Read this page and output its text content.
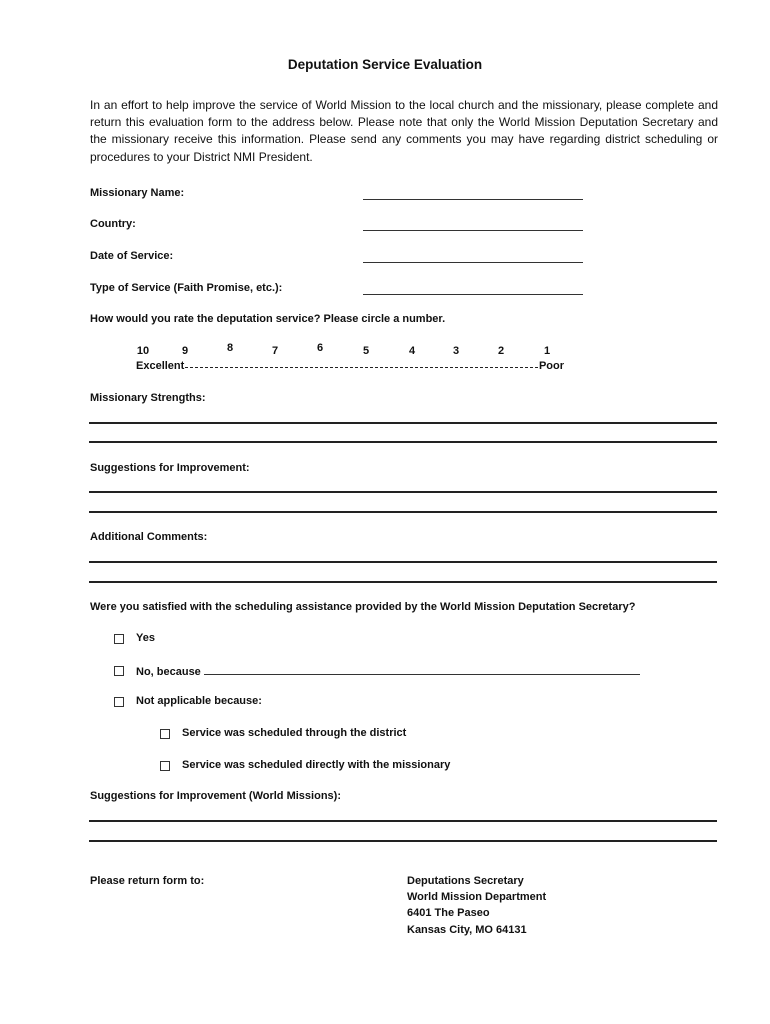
Deputation Service Evaluation
In an effort to help improve the service of World Mission to the local church and the missionary, please complete and return this evaluation form to the address below. Please note that only the World Mission Deputation Secretary and the missionary receive this information. Please send any comments you may have regarding district scheduling or procedures to your District NMI President.
Missionary Name:
Country:
Date of Service:
Type of Service (Faith Promise, etc.):
How would you rate the deputation service? Please circle a number.
10	9	8	7	6	5	4	3	2	1
Excellent	Poor
Missionary Strengths:
Suggestions for Improvement:
Additional Comments:
Were you satisfied with the scheduling assistance provided by the World Mission Deputation Secretary?
Yes
No, because
Not applicable because:
Service was scheduled through the district
Service was scheduled directly with the missionary
Suggestions for Improvement (World Missions):
Please return form to:	Deputations Secretary
World Mission Department
6401 The Paseo
Kansas City, MO 64131
